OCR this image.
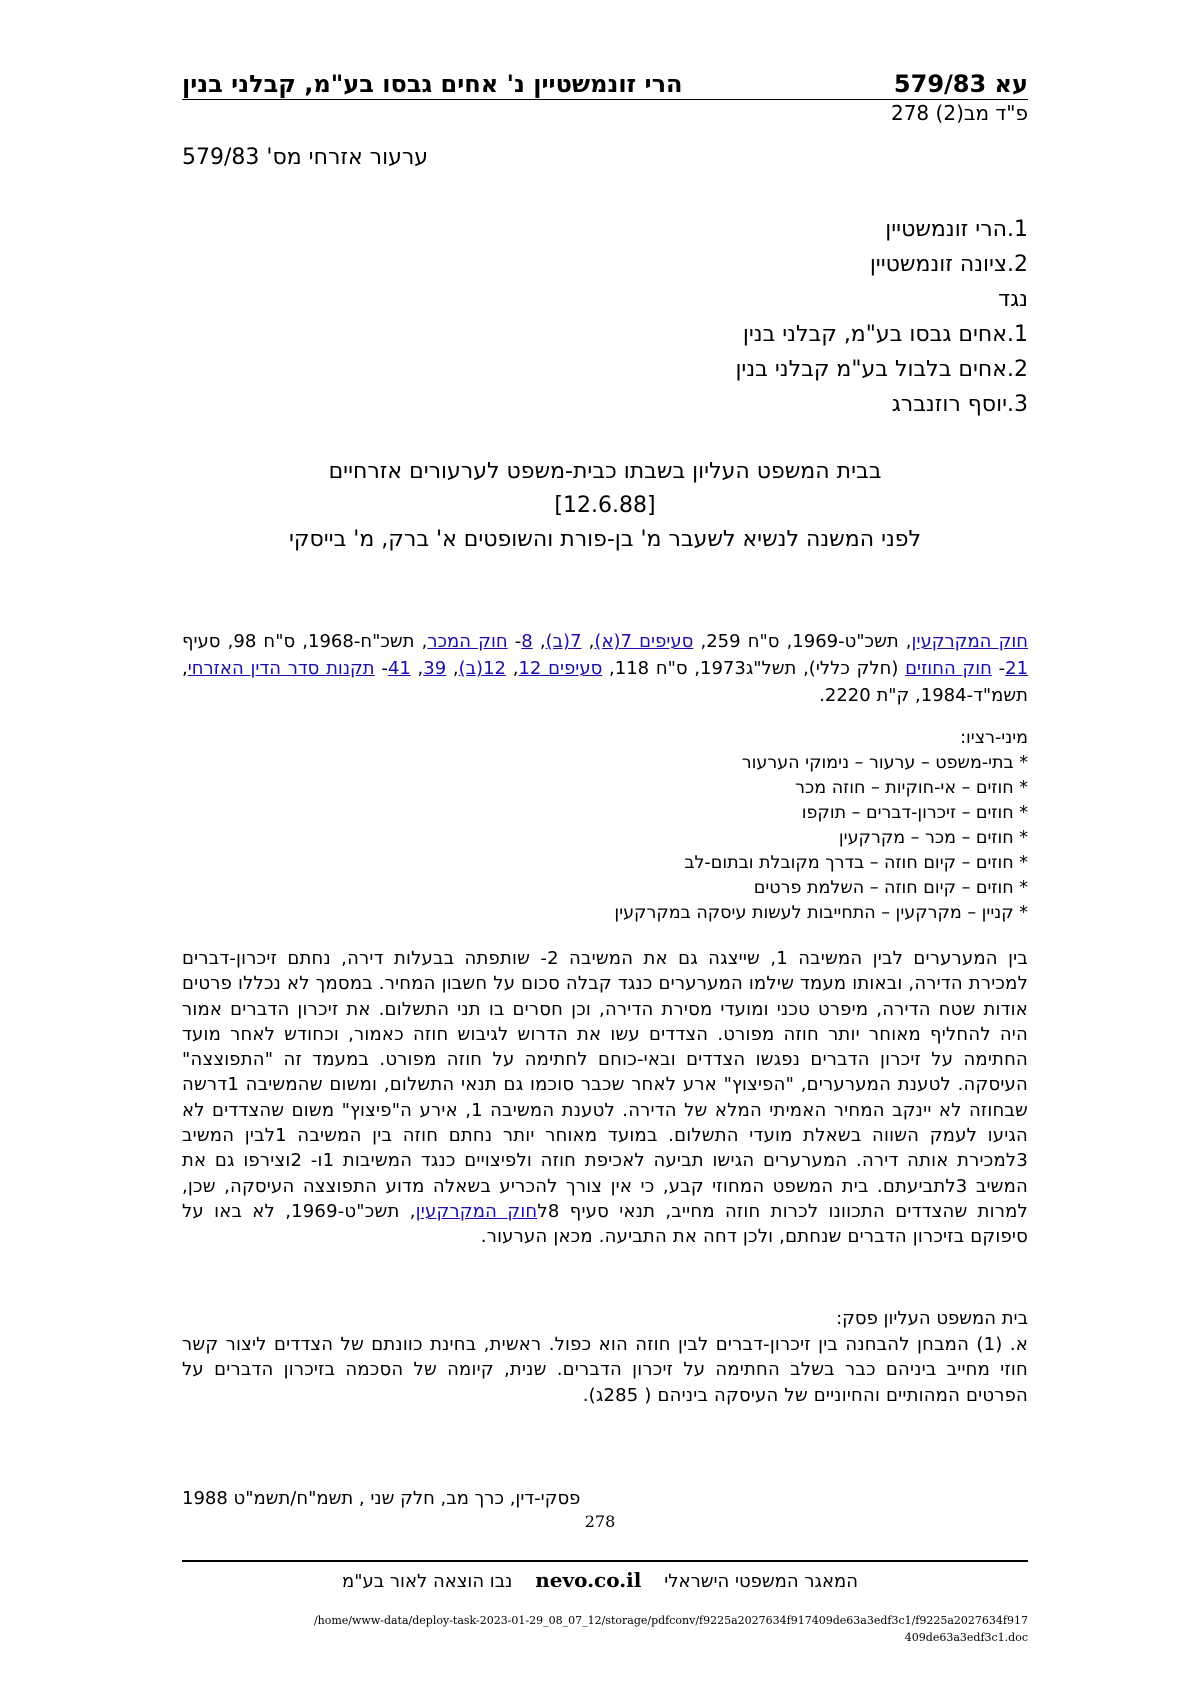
עא 579/83
הרי זונמשטיין נ' אחים גבסו בע"מ, קבלני בנין
פ"ד מב(2) 278
ערעור אזרחי מס' 579/83
1.הרי זונמשטיין
2.ציונה זונמשטיין
נגד
1.אחים גבסו בע"מ, קבלני בנין
2.אחים בלבול בע"מ קבלני בנין
3.יוסף רוזנברג
בבית המשפט העליון בשבתו כבית-משפט לערעורים אזרחיים
[12.6.88]
לפני המשנה לנשיא לשעבר מ' בן-פורת והשופטים א' ברק, מ' בייסקי
חוק המקרקעין, תשכ"ט-1969, ס"ח 259, סעיפים 7(א), 7(ב), 8- חוק המכר, תשכ"ח-1968, ס"ח 98, סעיף 21- חוק החוזים (חלק כללי), תשל"ג1973, ס"ח 118, סעיפים 12, 12(ב), 39, 41- תקנות סדר הדין האזרחי, תשמ"ד-1984, ק"ת 2220.
מיני-רציו:
* בתי-משפט – ערעור – נימוקי הערעור
* חוזים – אי-חוקיות – חוזה מכר
* חוזים – זיכרון-דברים – תוקפו
* חוזים – מכר – מקרקעין
* חוזים – קיום חוזה – בדרך מקובלת ובתום-לב
* חוזים – קיום חוזה – השלמת פרטים
* קניין – מקרקעין – התחייבות לעשות עיסקה במקרקעין
בין המערערים לבין המשיבה 1, שייצגה גם את המשיבה 2- שותפתה בבעלות דירה, נחתם זיכרון-דברים למכירת הדירה, ובאותו מעמד שילמו המערערים כנגד קבלה סכום על חשבון המחיר. במסמך לא נכללו פרטים אודות שטח הדירה, מיפרט טכני ומועדי מסירת הדירה, וכן חסרים בו תני התשלום. את זיכרון הדברים אמור היה להחליף מאוחר יותר חוזה מפורט. הצדדים עשו את הדרוש לגיבוש חוזה כאמור, וכחודש לאחר מועד החתימה על זיכרון הדברים נפגשו הצדדים ובאי-כוחם לחתימה על חוזה מפורט. במעמד זה "התפוצצה" העיסקה. לטענת המערערים, "הפיצוץ" ארע לאחר שכבר סוכמו גם תנאי התשלום, ומשום שהמשיבה 1דרשה שבחוזה לא יינקב המחיר האמיתי המלא של הדירה. לטענת המשיבה 1, אירע ה"פיצוץ" משום שהצדדים לא הגיעו לעמק השווה בשאלת מועדי התשלום. במועד מאוחר יותר נחתם חוזה בין המשיבה 1לבין המשיב 3למכירת אותה דירה. המערערים הגישו תביעה לאכיפת חוזה ולפיצויים כנגד המשיבות 1ו- 2וצירפו גם את המשיב 3לתביעתם. בית המשפט המחוזי קבע, כי אין צורך להכריע בשאלה מדוע התפוצצה העיסקה, שכן, למרות שהצדדים התכוונו לכרות חוזה מחייב, תנאי סעיף 8לחוק המקרקעין, תשכ"ט-1969, לא באו על סיפוקם בזיכרון הדברים שנחתם, ולכן דחה את התביעה. מכאן הערעור.
בית המשפט העליון פסק:
א. (1) המבחן להבחנה בין זיכרון-דברים לבין חוזה הוא כפול. ראשית, בחינת כוונתם של הצדדים ליצור קשר חוזי מחייב ביניהם כבר בשלב החתימה על זיכרון הדברים. שנית, קיומה של הסכמה בזיכרון הדברים על הפרטים המהותיים והחיוניים של העיסקה ביניהם ( 285ג).
פסקי-דין, כרך מב, חלק שני , תשמ"ח/תשמ"ט 1988
278
המאגר המשפטי הישראלי    nevo.co.il    נבו הוצאה לאור בע"מ
/home/www-data/deploy-task-2023-01-29_08_07_12/storage/pdfconv/f9225a2027634f917409de63a3edf3c1/f9225a2027634f917409de63a3edf3c1.doc
